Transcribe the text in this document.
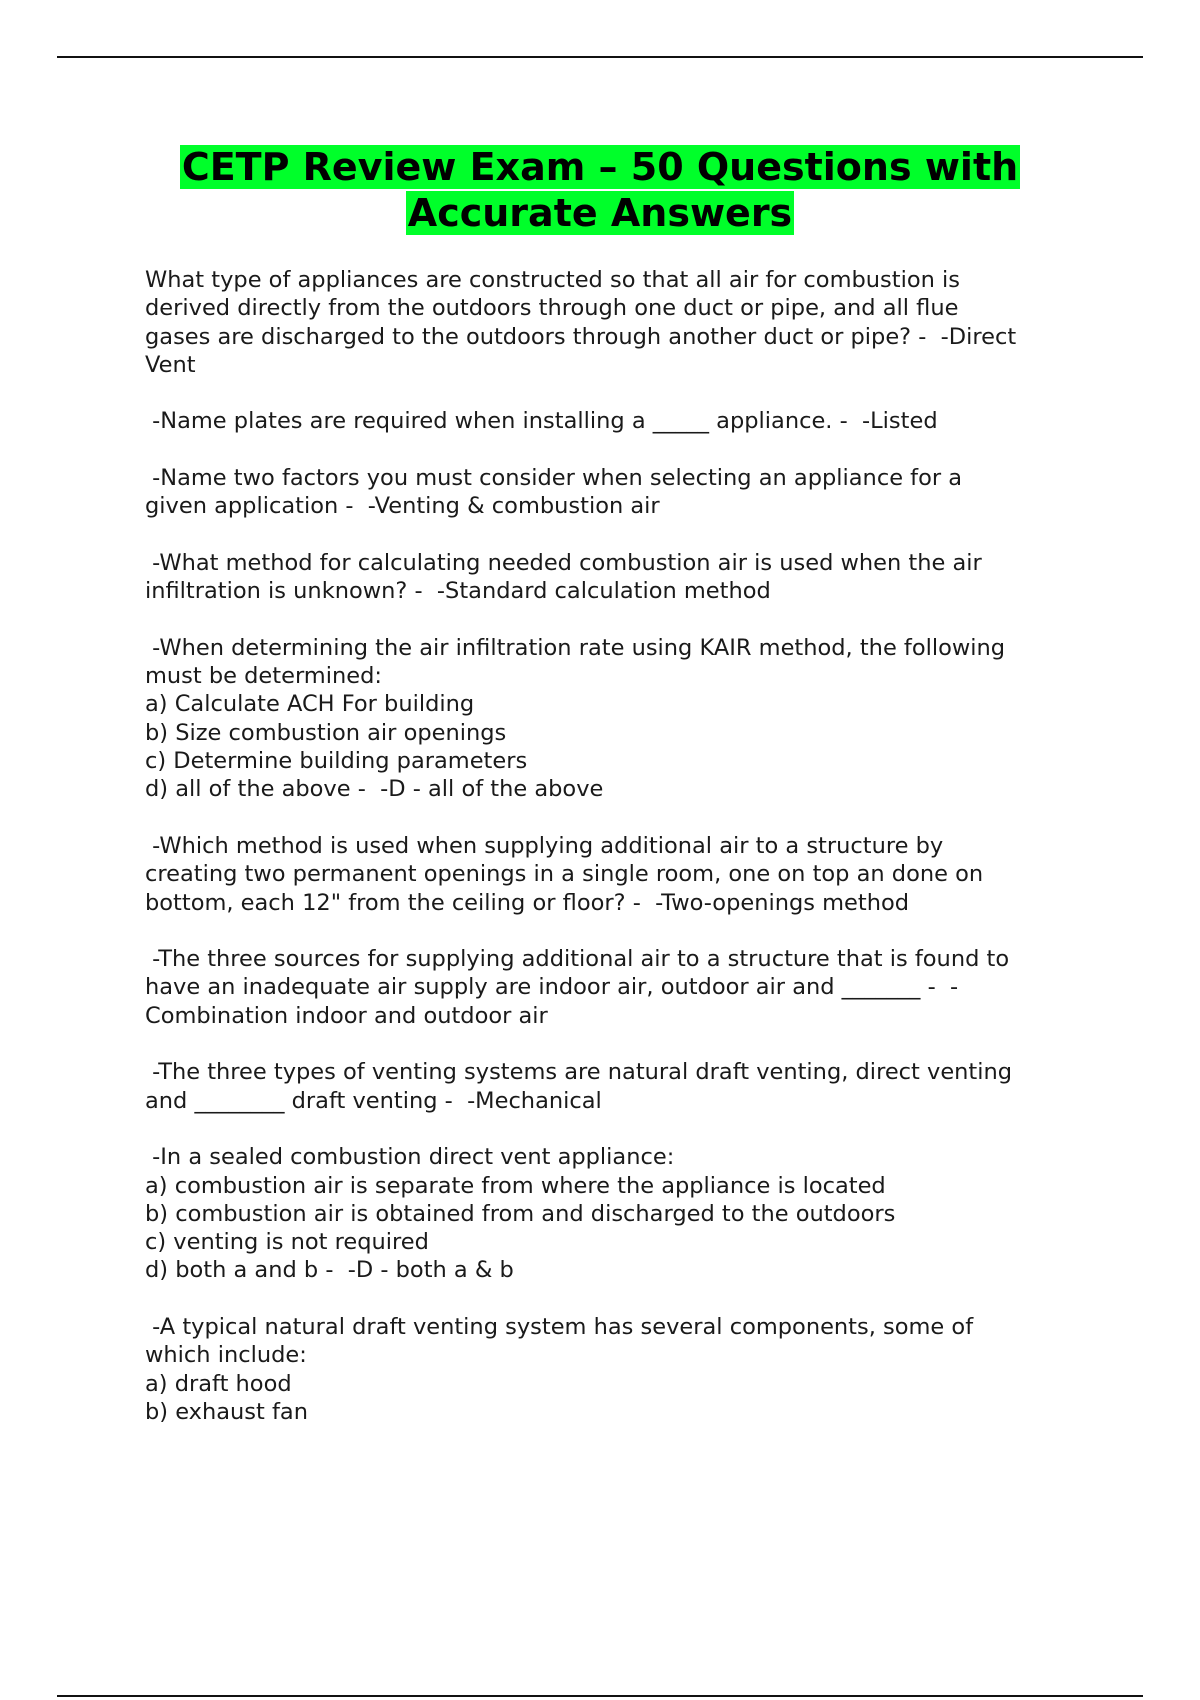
CETP Review Exam – 50 Questions with
Accurate Answers
What type of appliances are constructed so that all air for combustion is
derived directly from the outdoors through one duct or pipe, and all flue
gases are discharged to the outdoors through another duct or pipe? -  -Direct
Vent
-Name plates are required when installing a _____ appliance. -  -Listed
-Name two factors you must consider when selecting an appliance for a
given application -  -Venting & combustion air
-What method for calculating needed combustion air is used when the air
infiltration is unknown? -  -Standard calculation method
-When determining the air infiltration rate using KAIR method, the following
must be determined:
a) Calculate ACH For building
b) Size combustion air openings
c) Determine building parameters
d) all of the above -  -D - all of the above
-Which method is used when supplying additional air to a structure by
creating two permanent openings in a single room, one on top an done on
bottom, each 12" from the ceiling or floor? -  -Two-openings method
-The three sources for supplying additional air to a structure that is found to
have an inadequate air supply are indoor air, outdoor air and _______ -  -
Combination indoor and outdoor air
-The three types of venting systems are natural draft venting, direct venting
and ________ draft venting -  -Mechanical
-In a sealed combustion direct vent appliance:
a) combustion air is separate from where the appliance is located
b) combustion air is obtained from and discharged to the outdoors
c) venting is not required
d) both a and b -  -D - both a & b
-A typical natural draft venting system has several components, some of
which include:
a) draft hood
b) exhaust fan
